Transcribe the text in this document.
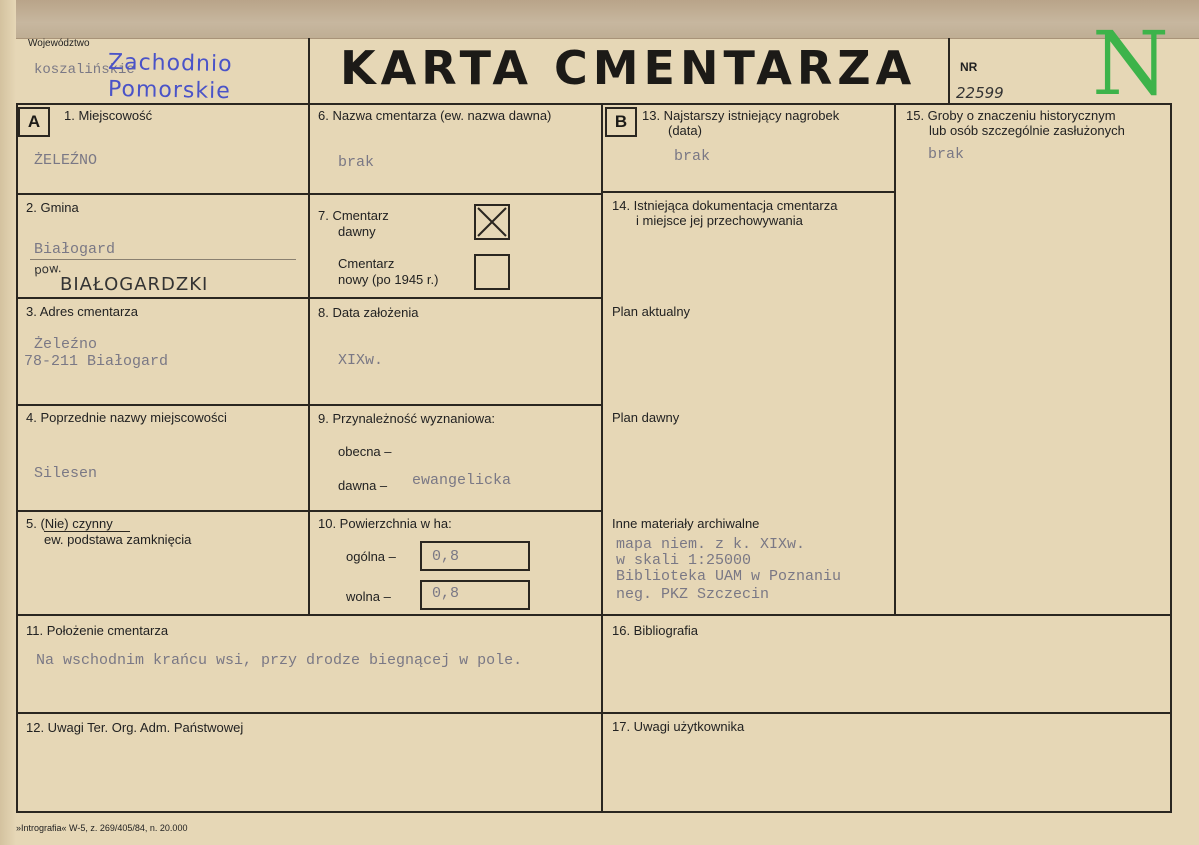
Województwo
koszalińskie
Zachodnio
Pomorskie KARTA CMENTARZA	NR
22599 N
A	B
1. Miejscowość
ŻELEŹNO
2. Gmina
Białogard
pow.
BIAŁOGARDZKI
3. Adres cmentarza
Żeleźno
78-211 Białogard
4. Poprzednie nazwy miejscowości
Silesen
5. (Nie) czynny
ew. podstawa zamknięcia
6. Nazwa cmentarza (ew. nazwa dawna)
brak
7. Cmentarz
dawny
Cmentarz
nowy (po 1945 r.)
8. Data założenia
XIXw.
9. Przynależność wyznaniowa:
obecna –
dawna – ewangelicka
10. Powierzchnia w ha:
ogólna – 0,8
wolna –	0,8
13. Najstarszy istniejący nagrobek
(data)
brak
14. Istniejąca dokumentacja cmentarza
i miejsce jej przechowywania
Plan aktualny
Plan dawny
Inne materiały archiwalne
mapa niem. z k. XIXw.
w skali 1:25000
Biblioteka UAM w Poznaniu
neg. PKZ Szczecin
15. Groby o znaczeniu historycznym
lub osób szczególnie zasłużonych
brak
11. Położenie cmentarza
Na wschodnim krańcu wsi, przy drodze biegnącej w pole.
16. Bibliografia
12. Uwagi Ter. Org. Adm. Państwowej	17. Uwagi użytkownika
»Intrografia« W-5, z. 269/405/84, n. 20.000
